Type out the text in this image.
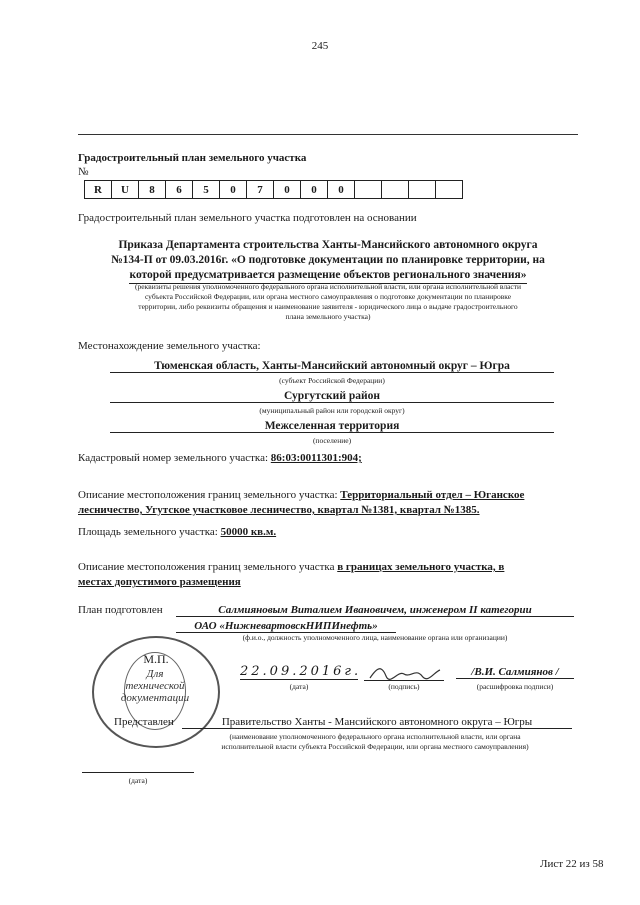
245
Градостроительный план земельного участка
№
R	U	8	6	5	0	7	0	0	0				
Градостроительный план земельного участка подготовлен на основании
Приказа Департамента строительства Ханты-Мансийского автономного округа
№134-П от 09.03.2016г. «О подготовке документации по планировке территории, на
которой предусматривается размещение объектов регионального значения»
(реквизиты решения уполномоченного федерального органа исполнительной власти, или органа исполнительной власти
субъекта Российской Федерации, или органа местного самоуправления о подготовке документации по планировке
территории, либо реквизиты обращения и наименование заявителя - юридического лица о выдаче градостроительного
плана земельного участка)
Местонахождение земельного участка:
Тюменская область, Ханты-Мансийский автономный округ – Югра
(субъект Российской Федерации)
Сургутский район
(муниципальный район или городской округ)
Межселенная территория
(поселение)
Кадастровый номер земельного участка: 86:03:0011301:904;
Описание местоположения границ земельного участка: Территориальный отдел – Юганское
лесничество, Угутское участковое лесничество, квартал №1381, квартал №1385.
Площадь земельного участка: 50000 кв.м.
Описание местоположения границ земельного участка в границах земельного участка, в
местах допустимого размещения
План подготовлен	Салмияновым Виталием Ивановичем, инженером II категории
ОАО «НижневартовскНИПИнефть»
(ф.и.о., должность уполномоченного лица, наименование органа или организации)
М.П.
Для
технической
документации
22.09.2016г.
(дата)	(подпись)
/В.И. Салмиянов /
(расшифровка подписи)
Представлен	Правительство Ханты - Мансийского автономного округа – Югры
(наименование уполномоченного федерального органа исполнительной власти, или органа
исполнительной власти субъекта Российской Федерации, или органа местного самоуправления)
(дата)
Лист 22 из 58
